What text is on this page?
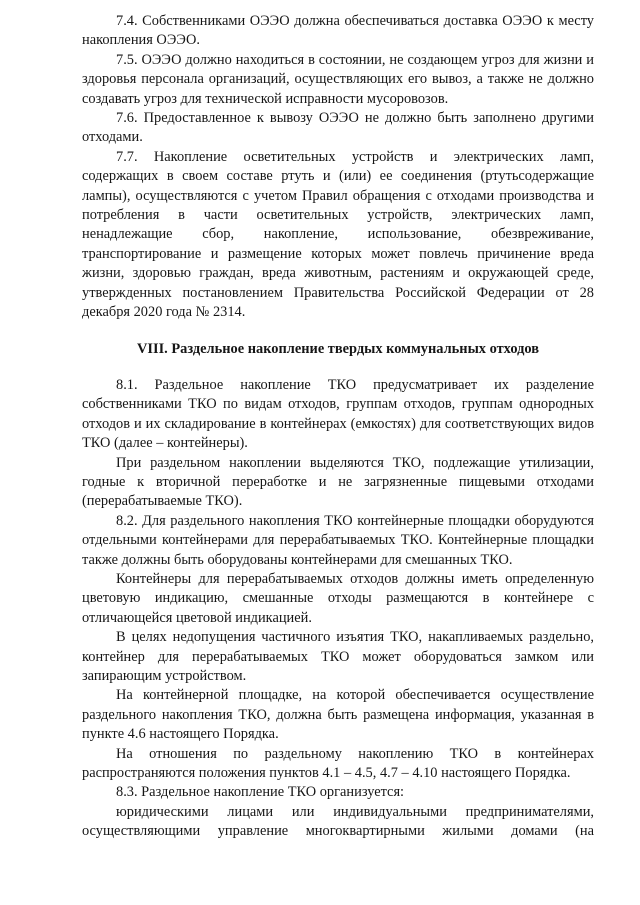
7.4. Собственниками ОЭЭО должна обеспечиваться доставка ОЭЭО к месту накопления ОЭЭО.

7.5. ОЭЭО должно находиться в состоянии, не создающем угроз для жизни и здоровья персонала организаций, осуществляющих его вывоз, а также не должно создавать угроз для технической исправности мусоровозов.

7.6. Предоставленное к вывозу ОЭЭО не должно быть заполнено другими отходами.

7.7. Накопление осветительных устройств и электрических ламп, содержащих в своем составе ртуть и (или) ее соединения (ртутьсодержащие лампы), осуществляются с учетом Правил обращения с отходами производства и потребления в части осветительных устройств, электрических ламп, ненадлежащие сбор, накопление, использование, обезвреживание, транспортирование и размещение которых может повлечь причинение вреда жизни, здоровью граждан, вреда животным, растениям и окружающей среде, утвержденных постановлением Правительства Российской Федерации от 28 декабря 2020 года № 2314.

VIII. Раздельное накопление твердых коммунальных отходов

8.1. Раздельное накопление ТКО предусматривает их разделение собственниками ТКО по видам отходов, группам отходов, группам однородных отходов и их складирование в контейнерах (емкостях) для соответствующих видов ТКО (далее – контейнеры).

При раздельном накоплении выделяются ТКО, подлежащие утилизации, годные к вторичной переработке и не загрязненные пищевыми отходами (перерабатываемые ТКО).

8.2. Для раздельного накопления ТКО контейнерные площадки оборудуются отдельными контейнерами для перерабатываемых ТКО. Контейнерные площадки также должны быть оборудованы контейнерами для смешанных ТКО.

Контейнеры для перерабатываемых отходов должны иметь определенную цветовую индикацию, смешанные отходы размещаются в контейнере с отличающейся цветовой индикацией.

В целях недопущения частичного изъятия ТКО, накапливаемых раздельно, контейнер для перерабатываемых ТКО может оборудоваться замком или запирающим устройством.

На контейнерной площадке, на которой обеспечивается осуществление раздельного накопления ТКО, должна быть размещена информация, указанная в пункте 4.6 настоящего Порядка.

На отношения по раздельному накоплению ТКО в контейнерах распространяются положения пунктов 4.1 – 4.5, 4.7 – 4.10 настоящего Порядка.

8.3. Раздельное накопление ТКО организуется:

юридическими лицами или индивидуальными предпринимателями, осуществляющими управление многоквартирными жилыми домами (на
